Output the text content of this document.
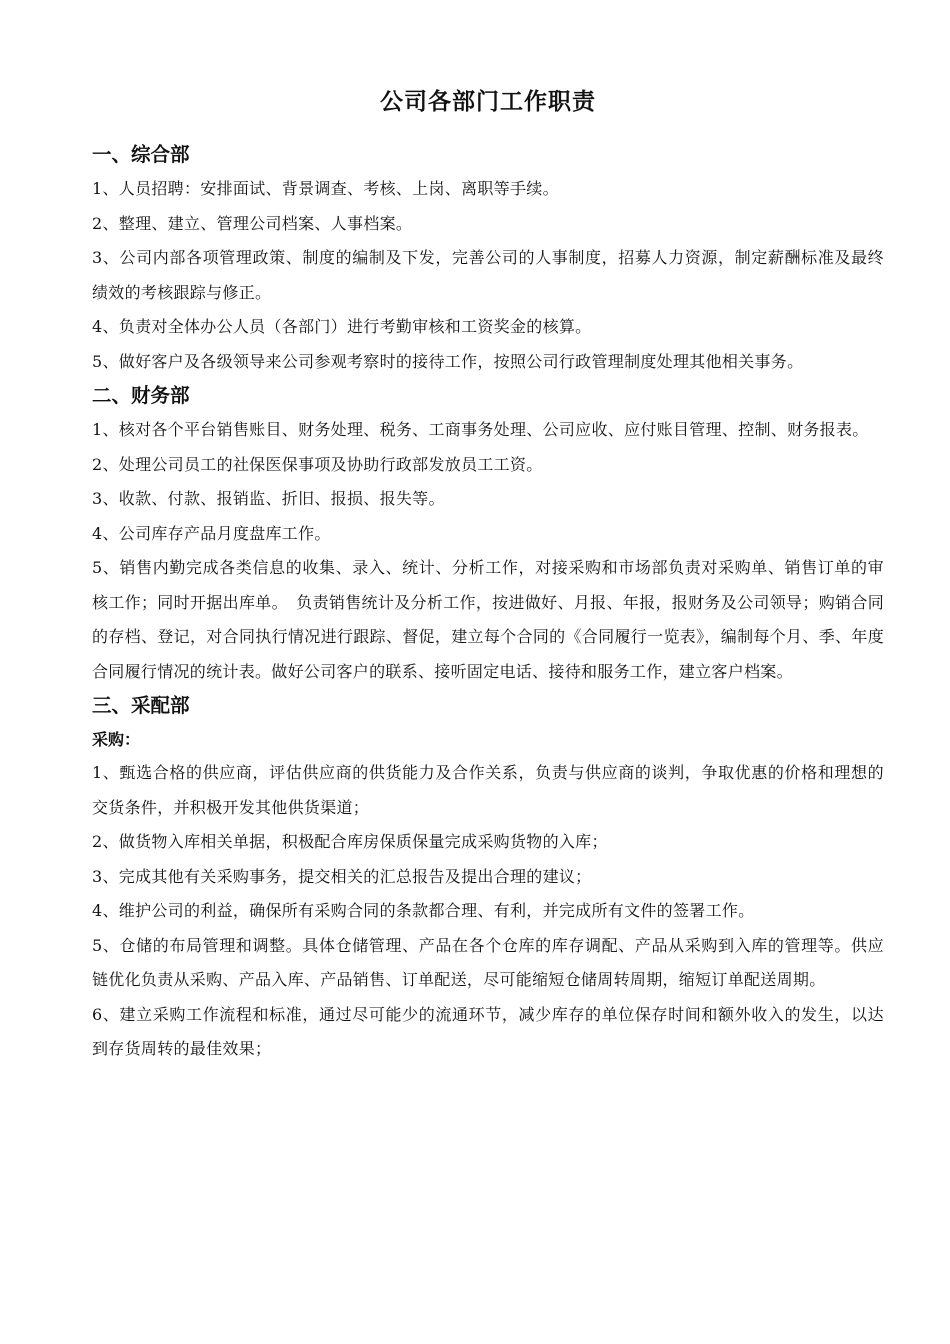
公司各部门工作职责
一、综合部

1、人员招聘：安排面试、背景调查、考核、上岗、离职等手续。

2、整理、建立、管理公司档案、人事档案。

3、公司内部各项管理政策、制度的编制及下发，完善公司的人事制度，招募人力资源，制定薪酬标准及最终绩效的考核跟踪与修正。

4、负责对全体办公人员（各部门）进行考勤审核和工资奖金的核算。

5、做好客户及各级领导来公司参观考察时的接待工作，按照公司行政管理制度处理其他相关事务。

二、财务部

1、核对各个平台销售账目、财务处理、税务、工商事务处理、公司应收、应付账目管理、控制、财务报表。

2、处理公司员工的社保医保事项及协助行政部发放员工工资。

3、收款、付款、报销监、折旧、报损、报失等。

4、公司库存产品月度盘库工作。

5、销售内勤完成各类信息的收集、录入、统计、分析工作，对接采购和市场部负责对采购单、销售订单的审核工作；同时开据出库单。　负责销售统计及分析工作，按进做好、月报、年报，报财务及公司领导；购销合同的存档、登记，对合同执行情况进行跟踪、督促，建立每个合同的《合同履行一览表》，编制每个月、季、年度合同履行情况的统计表。做好公司客户的联系、接听固定电话、接待和服务工作，建立客户档案。

三、采配部
采购：

1、甄选合格的供应商，评估供应商的供货能力及合作关系，负责与供应商的谈判，争取优惠的价格和理想的交货条件，并积极开发其他供货渠道；

2、做货物入库相关单据，积极配合库房保质保量完成采购货物的入库；

3、完成其他有关采购事务，提交相关的汇总报告及提出合理的建议；

4、维护公司的利益，确保所有采购合同的条款都合理、有利，并完成所有文件的签署工作。

5、仓储的布局管理和调整。具体仓储管理、产品在各个仓库的库存调配、产品从采购到入库的管理等。供应链优化负责从采购、产品入库、产品销售、订单配送，尽可能缩短仓储周转周期，缩短订单配送周期。

6、建立采购工作流程和标准，通过尽可能少的流通环节，减少库存的单位保存时间和额外收入的发生，以达到存货周转的最佳效果；
